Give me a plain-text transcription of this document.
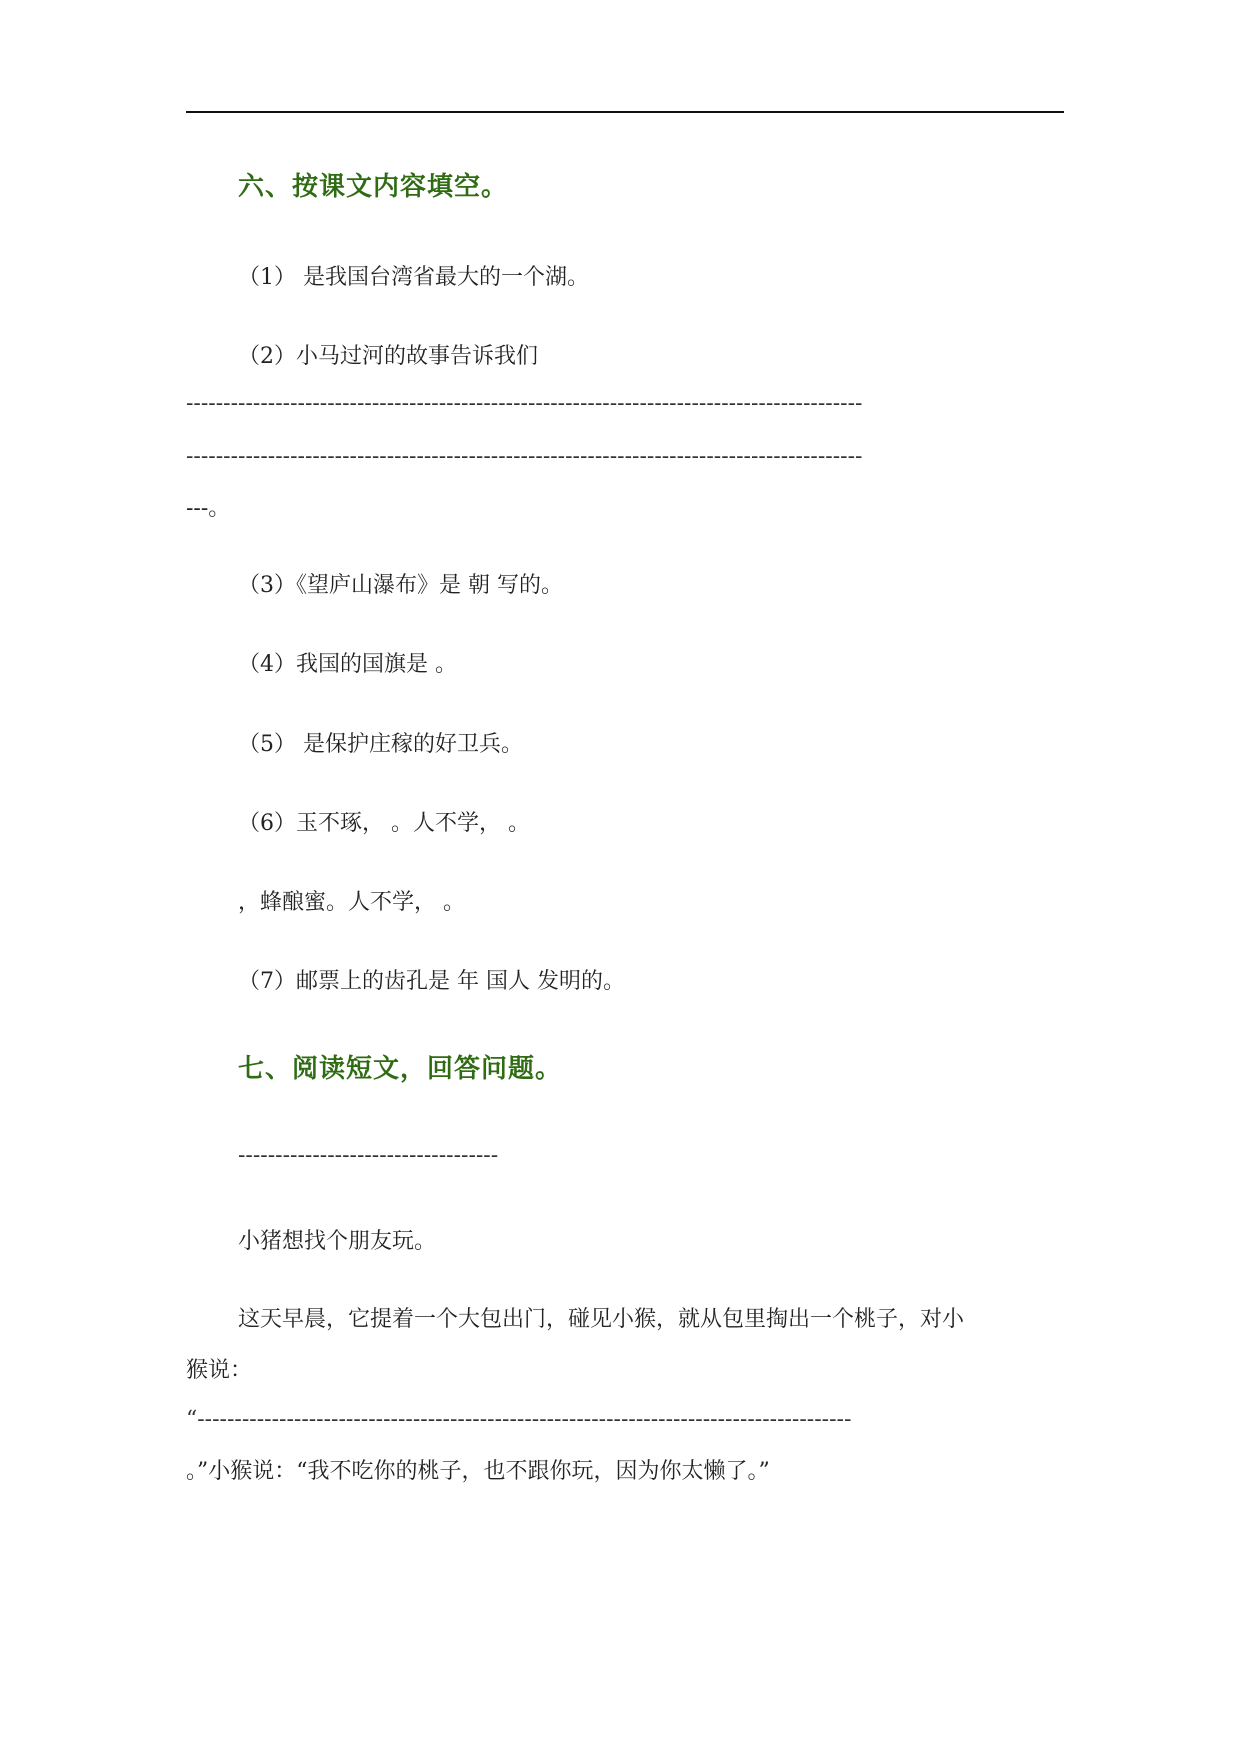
六、按课文内容填空。
（1） 是我国台湾省最大的一个湖。
（2）小马过河的故事告诉我们
-------------------------------------------------------------------------------------------
-------------------------------------------------------------------------------------------
---。
（3）《望庐山瀑布》是 朝 写的。
（4）我国的国旗是 。
（5） 是保护庄稼的好卫兵。
（6）玉不琢， 。人不学， 。
，蜂酿蜜。人不学， 。
（7）邮票上的齿孔是 年 国人 发明的。
七、阅读短文，回答问题。
-----------------------------------
小猪想找个朋友玩。
这天早晨，它提着一个大包出门，碰见小猴，就从包里掏出一个桃子，对小
猴说：
“----------------------------------------------------------------------------------------
。”小猴说：“我不吃你的桃子，也不跟你玩，因为你太懒了。”
